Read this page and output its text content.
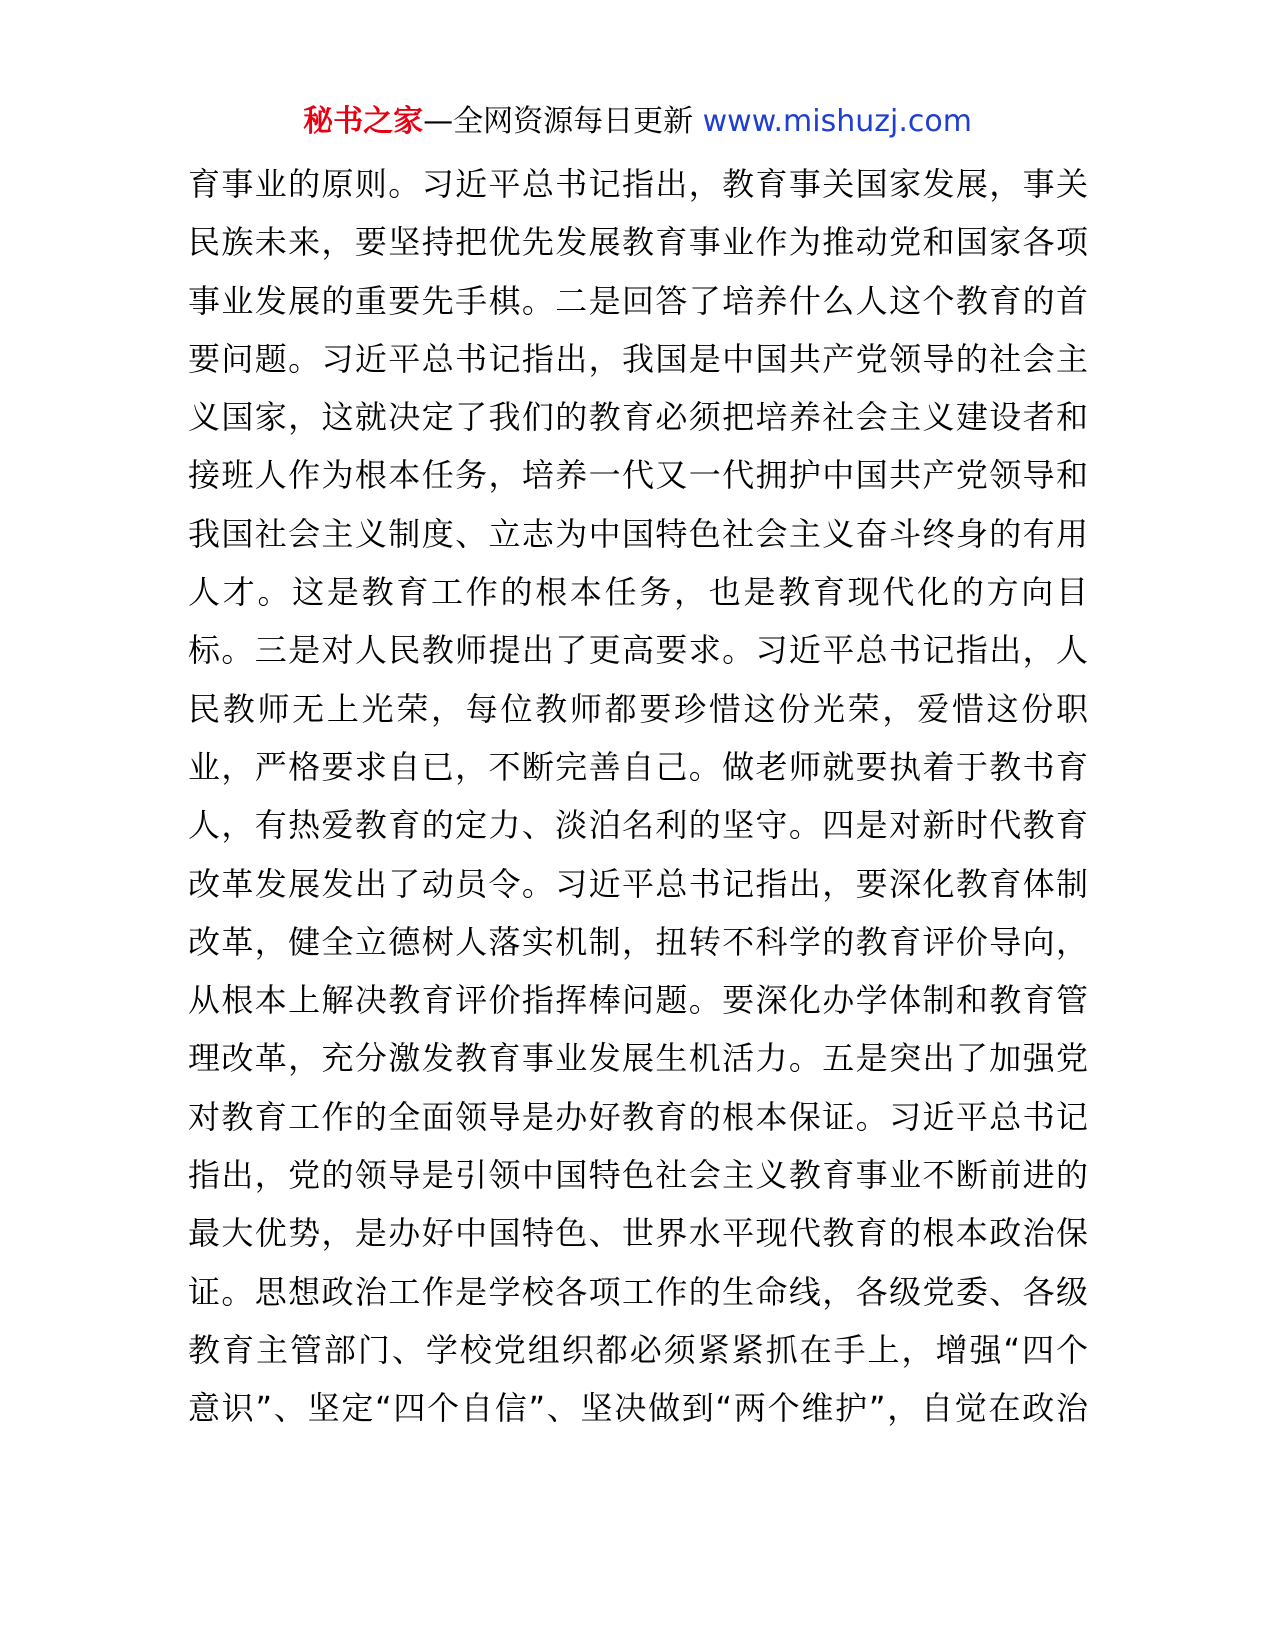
秘书之家—全网资源每日更新 www.mishuzj.com
育事业的原则。习近平总书记指出，教育事关国家发展，事关
民族未来，要坚持把优先发展教育事业作为推动党和国家各项
事业发展的重要先手棋。二是回答了培养什么人这个教育的首
要问题。习近平总书记指出，我国是中国共产党领导的社会主
义国家，这就决定了我们的教育必须把培养社会主义建设者和
接班人作为根本任务，培养一代又一代拥护中国共产党领导和
我国社会主义制度、立志为中国特色社会主义奋斗终身的有用
人才。这是教育工作的根本任务，也是教育现代化的方向目
标。三是对人民教师提出了更高要求。习近平总书记指出，人
民教师无上光荣，每位教师都要珍惜这份光荣，爱惜这份职
业，严格要求自已，不断完善自己。做老师就要执着于教书育
人，有热爱教育的定力、淡泊名利的坚守。四是对新时代教育
改革发展发出了动员令。习近平总书记指出，要深化教育体制
改革，健全立德树人落实机制，扭转不科学的教育评价导向，
从根本上解决教育评价指挥棒问题。要深化办学体制和教育管
理改革，充分激发教育事业发展生机活力。五是突出了加强党
对教育工作的全面领导是办好教育的根本保证。习近平总书记
指出，党的领导是引领中国特色社会主义教育事业不断前进的
最大优势，是办好中国特色、世界水平现代教育的根本政治保
证。思想政治工作是学校各项工作的生命线，各级党委、各级
教育主管部门、学校党组织都必须紧紧抓在手上，增强“四个
意识”、坚定“四个自信”、坚决做到“两个维护”，自觉在政治
